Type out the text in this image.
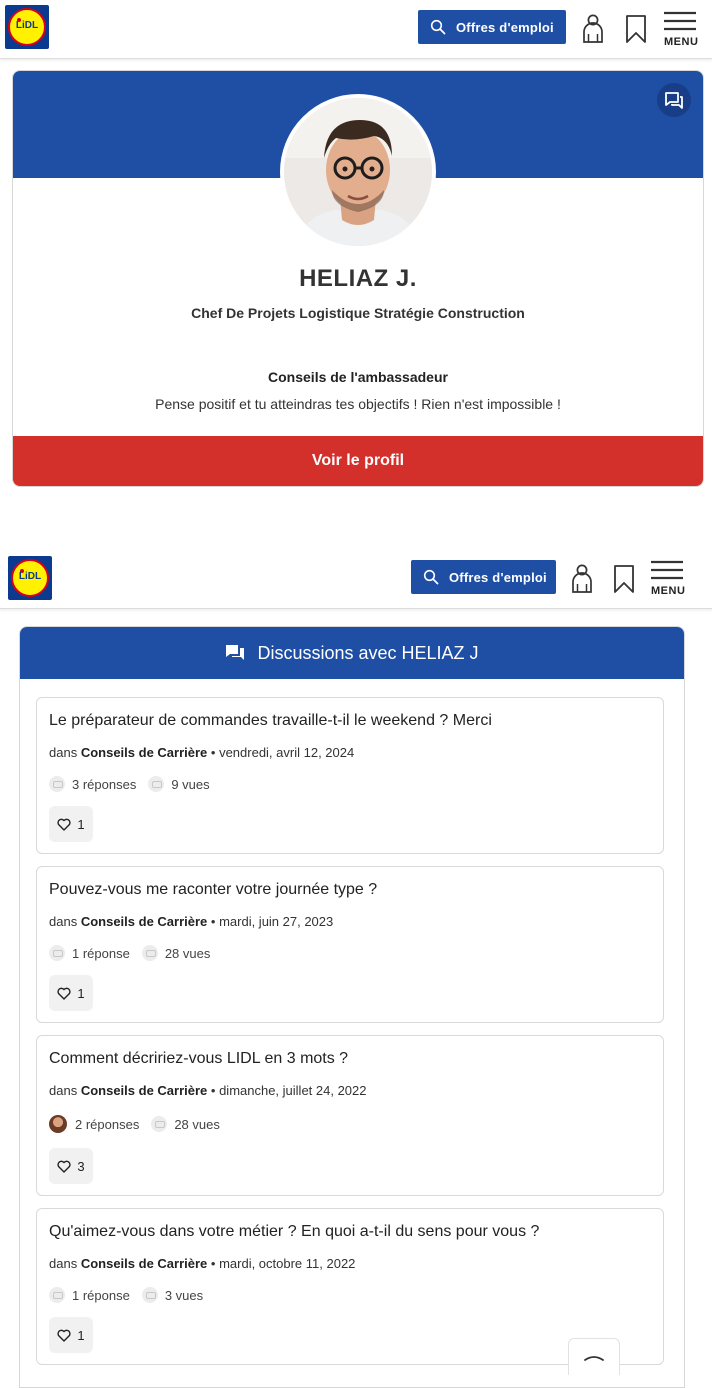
LiDL	Offres d'emploi
MENU
HELIAZ J.
Chef De Projets Logistique Stratégie Construction
Conseils de l'ambassadeur
Pense positif et tu atteindras tes objectifs ! Rien n'est impossible !
Voir le profil
LiDL	Offres d'emploi
MENU
Discussions avec HELIAZ J
Le préparateur de commandes travaille-t-il le weekend ? Merci
dans Conseils de Carrière • vendredi, avril 12, 2024
3 réponses	9 vues
1
Pouvez-vous me raconter votre journée type ?
dans Conseils de Carrière • mardi, juin 27, 2023
1 réponse	28 vues
1
Comment décririez-vous LIDL en 3 mots ?
dans Conseils de Carrière • dimanche, juillet 24, 2022
2 réponses	28 vues
3
Qu'aimez-vous dans votre métier ? En quoi a-t-il du sens pour vous ?
dans Conseils de Carrière • mardi, octobre 11, 2022
1 réponse	3 vues
1
